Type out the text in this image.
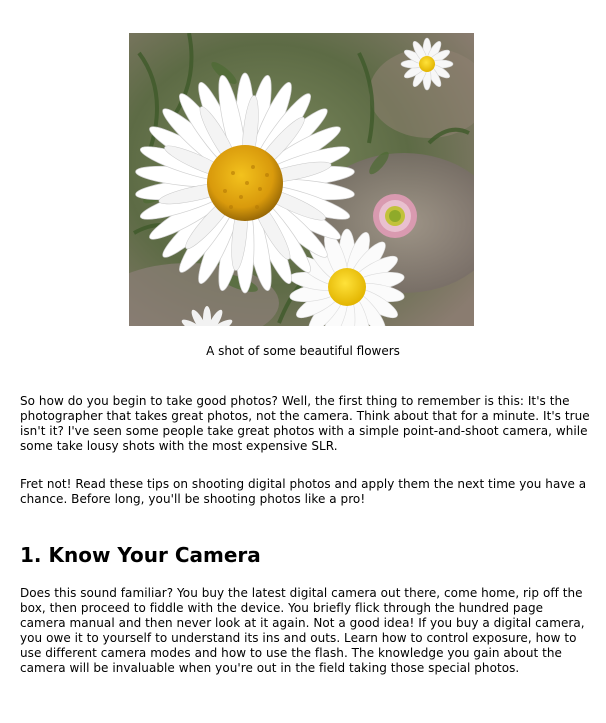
A shot of some beautiful flowers

So how do you begin to take good photos? Well, the first thing to remember is this: It's the photographer that takes great photos, not the camera. Think about that for a minute. It's true isn't it? I've seen some people take great photos with a simple point-and-shoot camera, while some take lousy shots with the most expensive SLR.

Fret not! Read these tips on shooting digital photos and apply them the next time you have a chance. Before long, you'll be shooting photos like a pro!

1. Know Your Camera

Does this sound familiar? You buy the latest digital camera out there, come home, rip off the box, then proceed to fiddle with the device. You briefly flick through the hundred page camera manual and then never look at it again. Not a good idea! If you buy a digital camera, you owe it to yourself to understand its ins and outs. Learn how to control exposure, how to use different camera modes and how to use the flash. The knowledge you gain about the camera will be invaluable when you're out in the field taking those special photos.
